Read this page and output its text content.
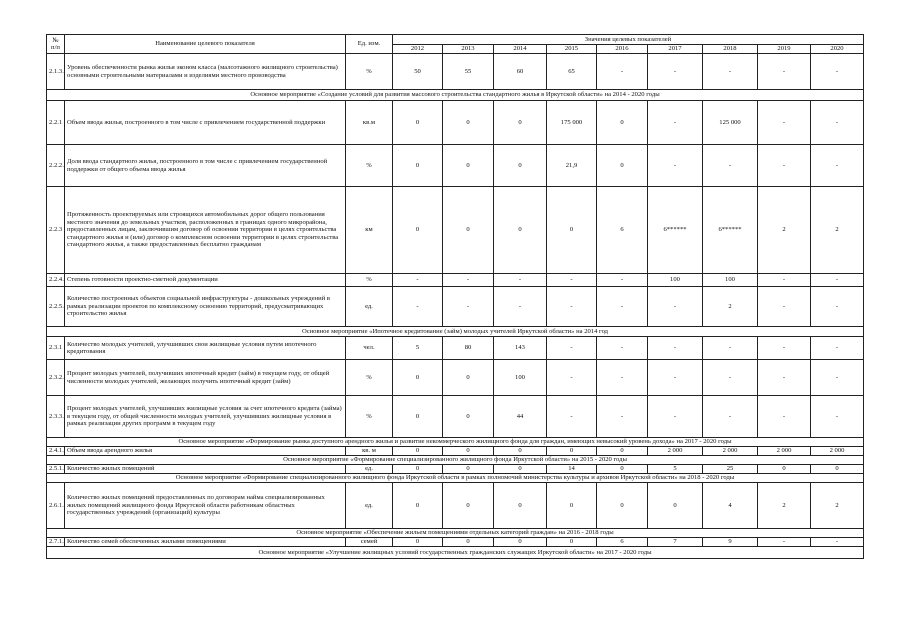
№
п/п	Наименование целевого показателя	Ед. изм.	Значения целевых показателей								
			2012	2013	2014	2015	2016	2017	2018	2019	2020
2.1.3.	Уровень обеспеченности рынка жилья эконом класса (малоэтажного жилищного строительства) основными строительными материалами и изделиями местного производства	%	50	55	60	65	-	-	-	-	-
Основное мероприятие «Создание условий для развития массового строительства стандартного жилья в Иркутской области» на 2014 - 2020 годы											
2.2.1	Объем ввода жилья, построенного в том числе с привлечением государственной поддержки	кв.м	0	0	0	175 000	0	-	125 000	-	-
2.2.2.	Доля ввода стандартного жилья, построенного в том числе с привлечением государственной поддержки от общего объема ввода жилья	%	0	0	0	21,9	0	-	-	-	-
2.2.3	Протяженность проектируемых или строящихся автомобильных дорог общего пользования местного значения до земельных участков, расположенных в границах одного микрорайона, предоставленных лицам, заключившим договор об освоении территории в целях строительства стандартного жилья и (или) договор о комплексном освоении территории в целях строительства стандартного жилья, а также предоставленных бесплатно гражданам	км	0	0	0	0	6	6******	6******	2	2
2.2.4.	Степень готовности проектно-сметной документации	%	-	-	-	-	-	100	100	-	-
2.2.5.	Количество построенных объектов социальной инфраструктуры - дошкольных учреждений в рамках реализации проектов по комплексному освоению территорий, предусматривающих строительство жилья	ед.	-	-	-	-	-	-	2	-	-
Основное мероприятие «Ипотечное кредитование (займ) молодых учителей Иркутской области» на 2014 год											
2.3.1	Количество молодых учителей, улучшивших свои жилищные условия путем ипотечного кредитования	чел.	5	80	143	-	-	-	-	-	-
2.3.2.	Процент молодых учителей, получивших ипотечный кредит (займ) в текущем году, от общей численности молодых учителей, желающих получить ипотечный кредит (займ)	%	0	0	100	-	-	-	-	-	-
2.3.3.	Процент молодых учителей, улучшивших жилищные условия за счет ипотечного кредита (займа) в текущем году, от общей численности молодых учителей, улучшивших жилищные условия в рамках реализации других программ в текущем году	%	0	0	44	-	-	-	-	-	-
Основное мероприятие «Формирование рынка доступного арендного жилья и развитие некоммерческого жилищного фонда для граждан, имеющих невысокий уровень дохода» на 2017 - 2020 годы											
2.4.1.	Объем ввода арендного жилья	кв. м	0	0	0	0	0	2 000	2 000	2 000	2 000
Основное мероприятие «Формирование специализированного жилищного фонда Иркутской области» на 2015 - 2020 годы											
2.5.1.	Количество жилых помещений	ед.	0	0	0	14	0	5	25	0	0
Основное мероприятие «Формирование специализированного жилищного фонда Иркутской области в рамках полномочий министерства культуры и архивов Иркутской области» на 2018 - 2020 годы											
2.6.1.	Количество жилых помещений предоставленных по договорам найма специализированных жилых помещений жилищного фонда Иркутской области работникам областных государственных учреждений (организаций) культуры	ед.	0	0	0	0	0	0	4	2	2
Основное мероприятие «Обеспечение жильем помещениями отдельных категорий граждан» на 2016 - 2018 годы											
2.7.1.	Количество семей обеспеченных жилыми помещениями	семей	0	0	0	0	6	7	9	-	-
Основное мероприятие «Улучшение жилищных условий государственных гражданских служащих Иркутской области» на 2017 - 2020 годы											
